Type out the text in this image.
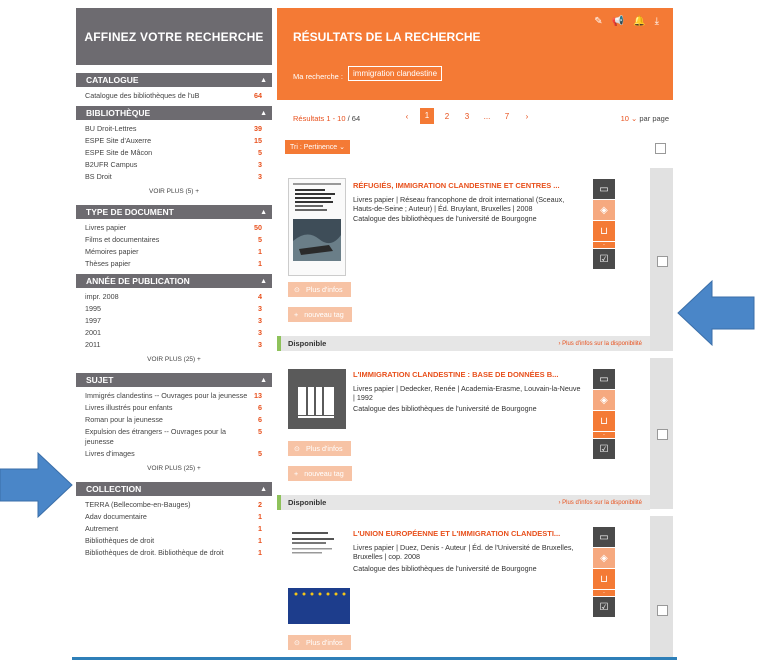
AFFINEZ VOTRE RECHERCHE
CATALOGUE	▲
Catalogue des bibliothèques de l'uB	64
BIBLIOTHÈQUE	▲
BU Droit-Lettres	39
ESPE Site d'Auxerre	15
ESPE Site de Mâcon	5
B2UFR Campus	3
BS Droit	3
VOIR PLUS (5) +
TYPE DE DOCUMENT	▲
Livres papier	50
Films et documentaires	5
Mémoires papier	1
Thèses papier	1
ANNÉE DE PUBLICATION	▲
impr. 2008	4
1995	3
1997	3
2001	3
2011	3
VOIR PLUS (25) +
SUJET	▲
Immigrés clandestins -- Ouvrages pour la jeunesse 13
Livres illustrés pour enfants	6
Roman pour la jeunesse	6
Expulsion des étrangers -- Ouvrages pour la jeunesse
5
Livres d'images	5
VOIR PLUS (25) +
COLLECTION	▲
TERRA (Bellecombe-en-Bauges)	2
Adav documentaire	1
Autrement	1
Bibliothèques de droit	1
Bibliothèques de droit. Bibliothèque de droit	1
RÉSULTATS DE LA RECHERCHE
✎ 📢 🔔 ⤓
Ma recherche :	immigration clandestine
Résultats 1 - 10 / 64	‹	1	2	3	...	7	›	10 ⌄ par page
Tri : Pertinence ⌄
RÉFUGIÉS, IMMIGRATION CLANDESTINE ET CENTRES ...
Livres papier | Réseau francophone de droit international (Sceaux, Hauts-de-Seine ; Auteur) | Éd. Bruylant, Bruxelles | 2008
Catalogue des bibliothèques de l'université de Bourgogne
▭
◈
⊔
-
☑
⊙ Plus d'infos
+ nouveau tag
Disponible	› Plus d'infos sur la disponibilité
L'IMMIGRATION CLANDESTINE : BASE DE DONNÉES B...
Livres papier | Dedecker, Renée | Academia-Erasme, Louvain-la-Neuve | 1992
Catalogue des bibliothèques de l'université de Bourgogne
▭
◈
⊔
-
☑
⊙ Plus d'infos
+ nouveau tag
Disponible	› Plus d'infos sur la disponibilité
L'UNION EUROPÉENNE ET L'IMMIGRATION CLANDESTI...
Livres papier | Duez, Denis - Auteur | Éd. de l'Université de Bruxelles, Bruxelles | cop. 2008
Catalogue des bibliothèques de l'université de Bourgogne
▭
◈
⊔
-
☑
⊙ Plus d'infos
